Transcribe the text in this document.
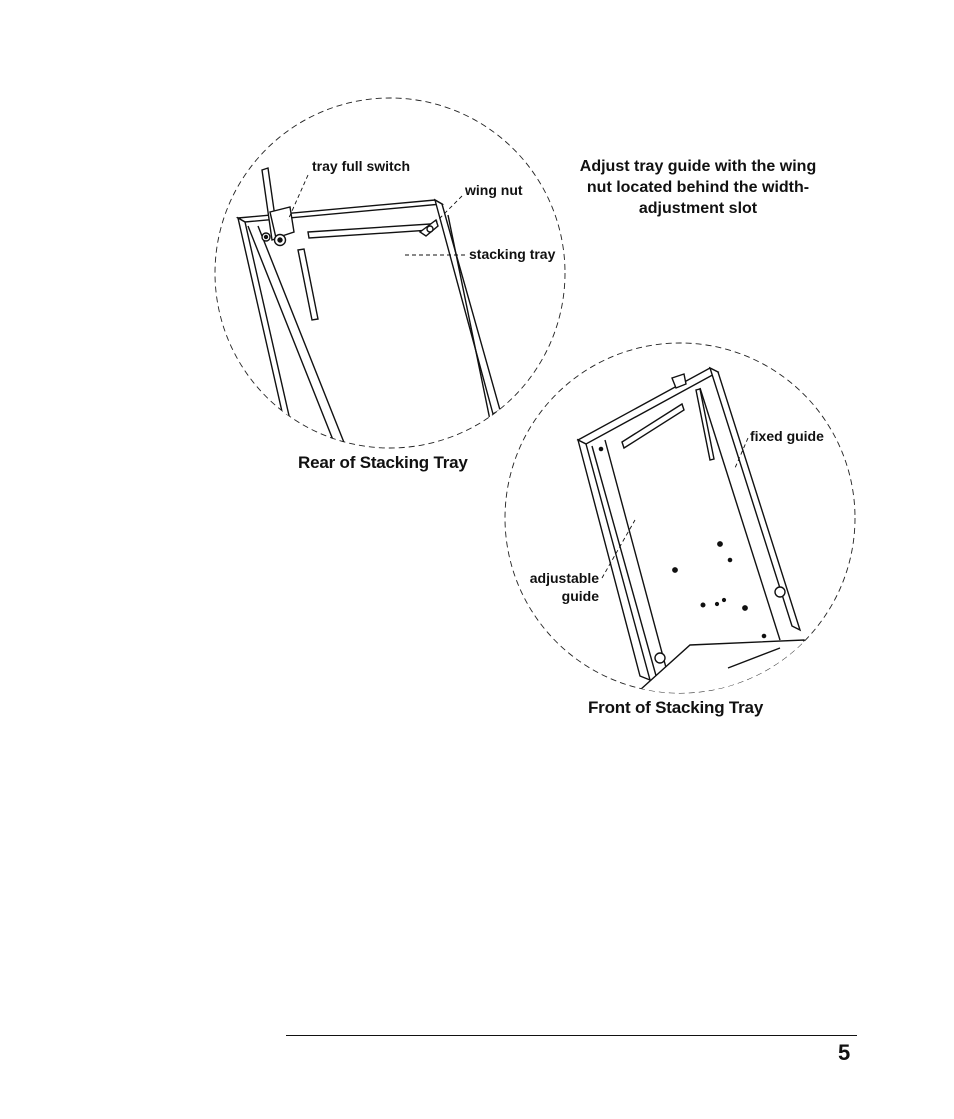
Adjust tray guide with the wing
nut located behind the width-
adjustment slot
tray full switch
wing nut
stacking tray
Rear of Stacking Tray
fixed guide
adjustable
guide
Front of Stacking Tray
5
